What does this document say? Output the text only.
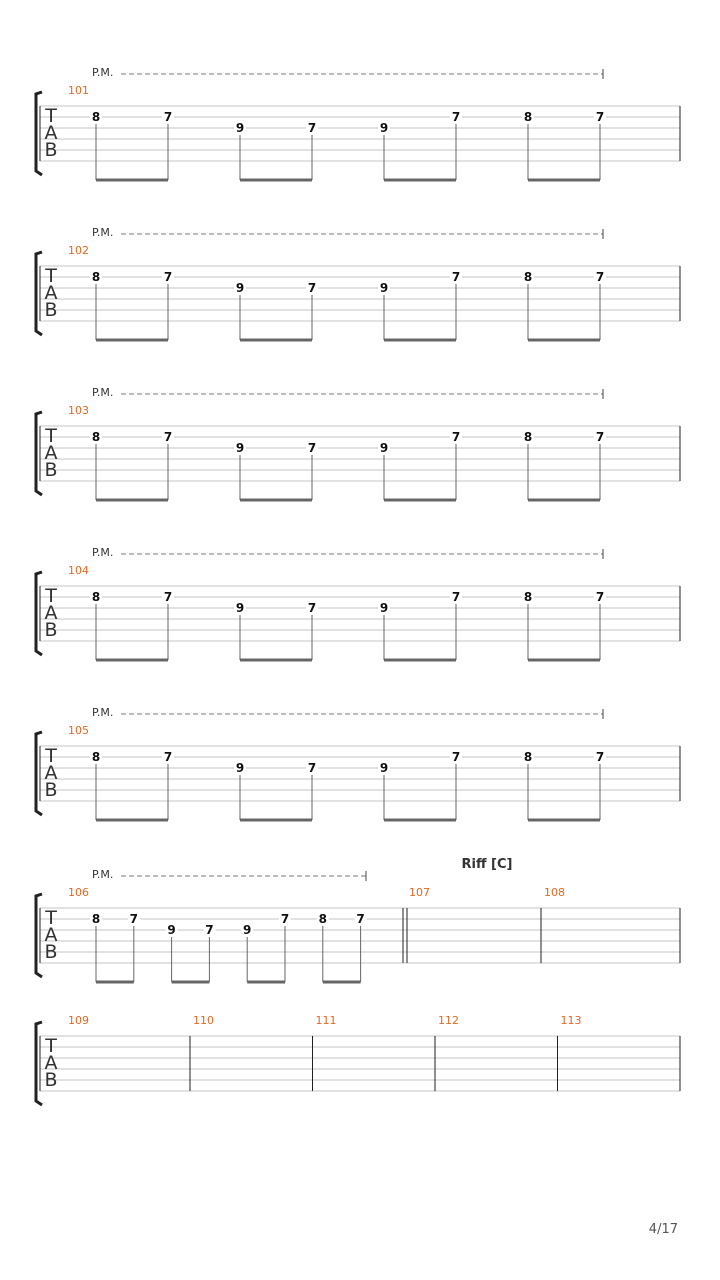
T
A
B
101
8	7
9	7	9
7	8	7
P.M.
T
A
B
102
8	7
9	7	9
7	8	7
P.M.
T
A
B
103
8	7
9	7	9
7	8	7
P.M.
T
A
B
104
8	7
9	7	9
7	8	7
P.M.
T
A
B
105
8	7
9	7	9
7	8	7
P.M.
T
A
B
106
8 7
9 7 9
7 8 7
107	108
P.M.
Riff [C]
T
A
B
109	110	111	112	113
4/17
